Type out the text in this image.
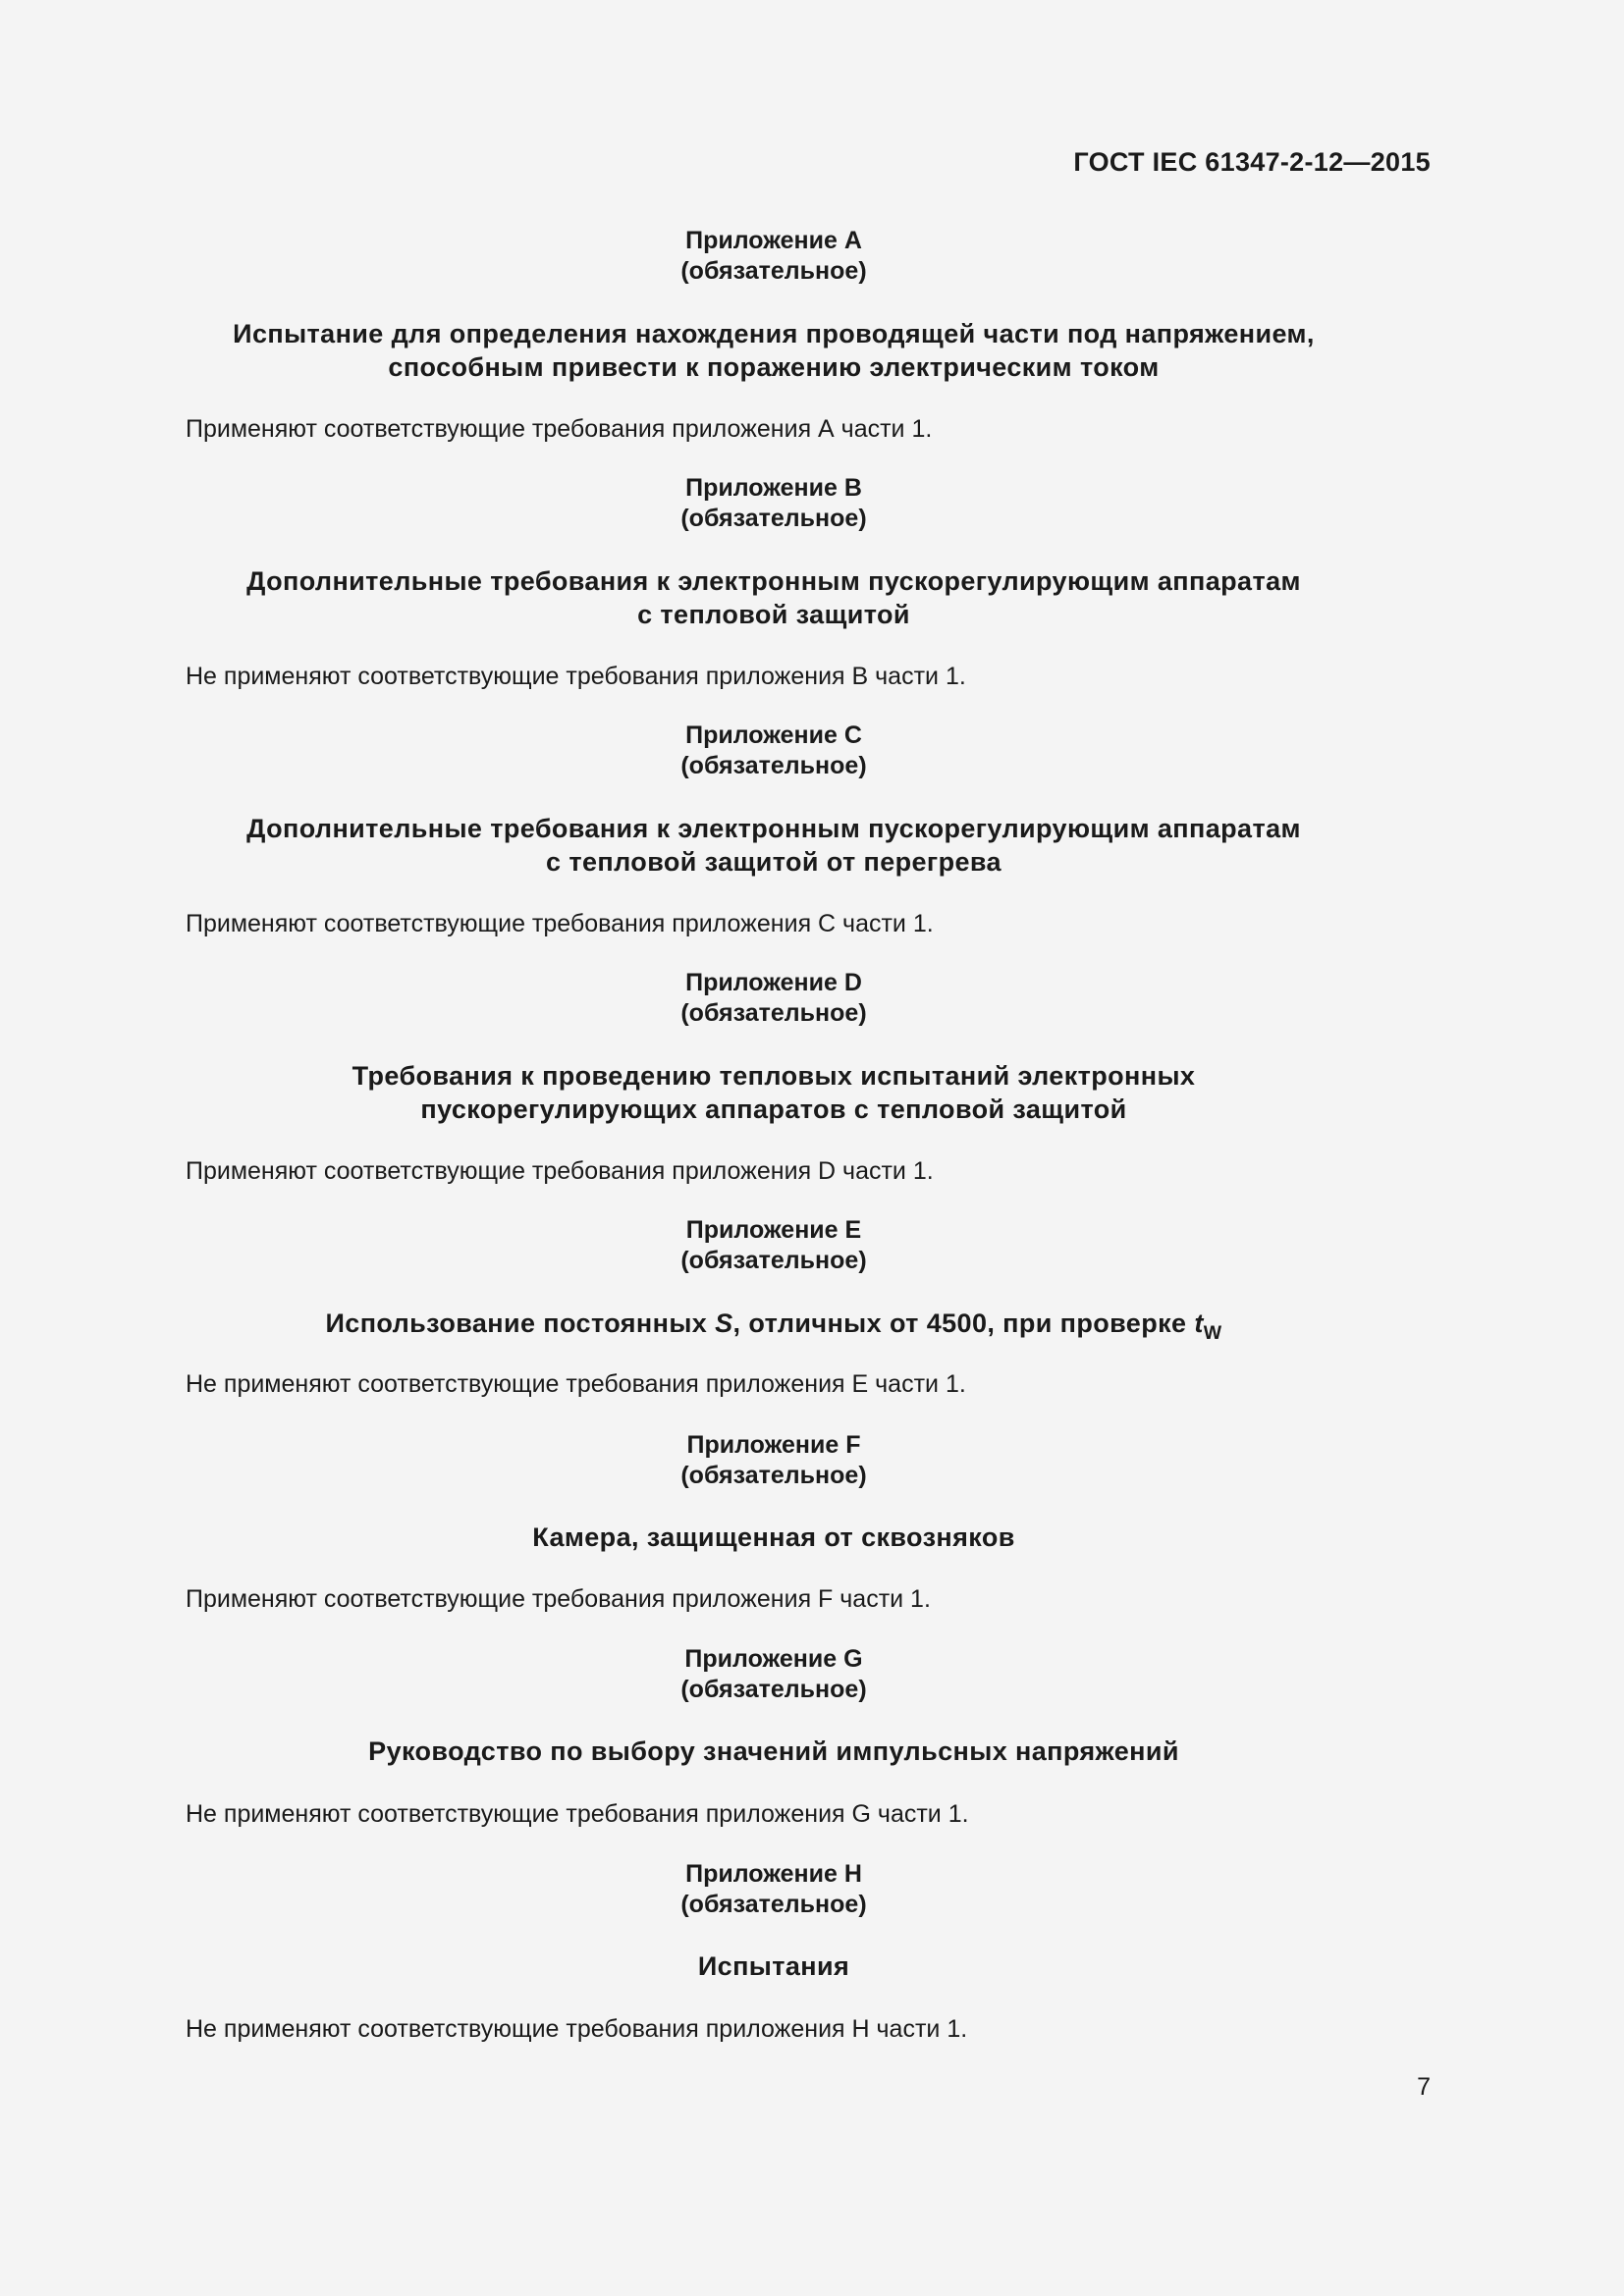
ГОСТ IEC 61347-2-12—2015
Приложение А
(обязательное)
Испытание для определения нахождения проводящей части под напряжением,
способным привести к поражению электрическим током
Применяют соответствующие требования приложения А части 1.
Приложение В
(обязательное)
Дополнительные требования к электронным пускорегулирующим аппаратам
с тепловой защитой
Не применяют соответствующие требования приложения В части 1.
Приложение С
(обязательное)
Дополнительные требования к электронным пускорегулирующим аппаратам
с тепловой защитой от перегрева
Применяют соответствующие требования приложения С части 1.
Приложение D
(обязательное)
Требования к проведению тепловых испытаний электронных
пускорегулирующих аппаратов с тепловой защитой
Применяют соответствующие требования приложения D части 1.
Приложение Е
(обязательное)
Использование постоянных S, отличных от 4500, при проверке $t_W$
Не применяют соответствующие требования приложения Е части 1.
Приложение F
(обязательное)
Камера, защищенная от сквозняков
Применяют соответствующие требования приложения F части 1.
Приложение G
(обязательное)
Руководство по выбору значений импульсных напряжений
Не применяют соответствующие требования приложения G части 1.
Приложение Н
(обязательное)
Испытания
Не применяют соответствующие требования приложения Н части 1.
7
